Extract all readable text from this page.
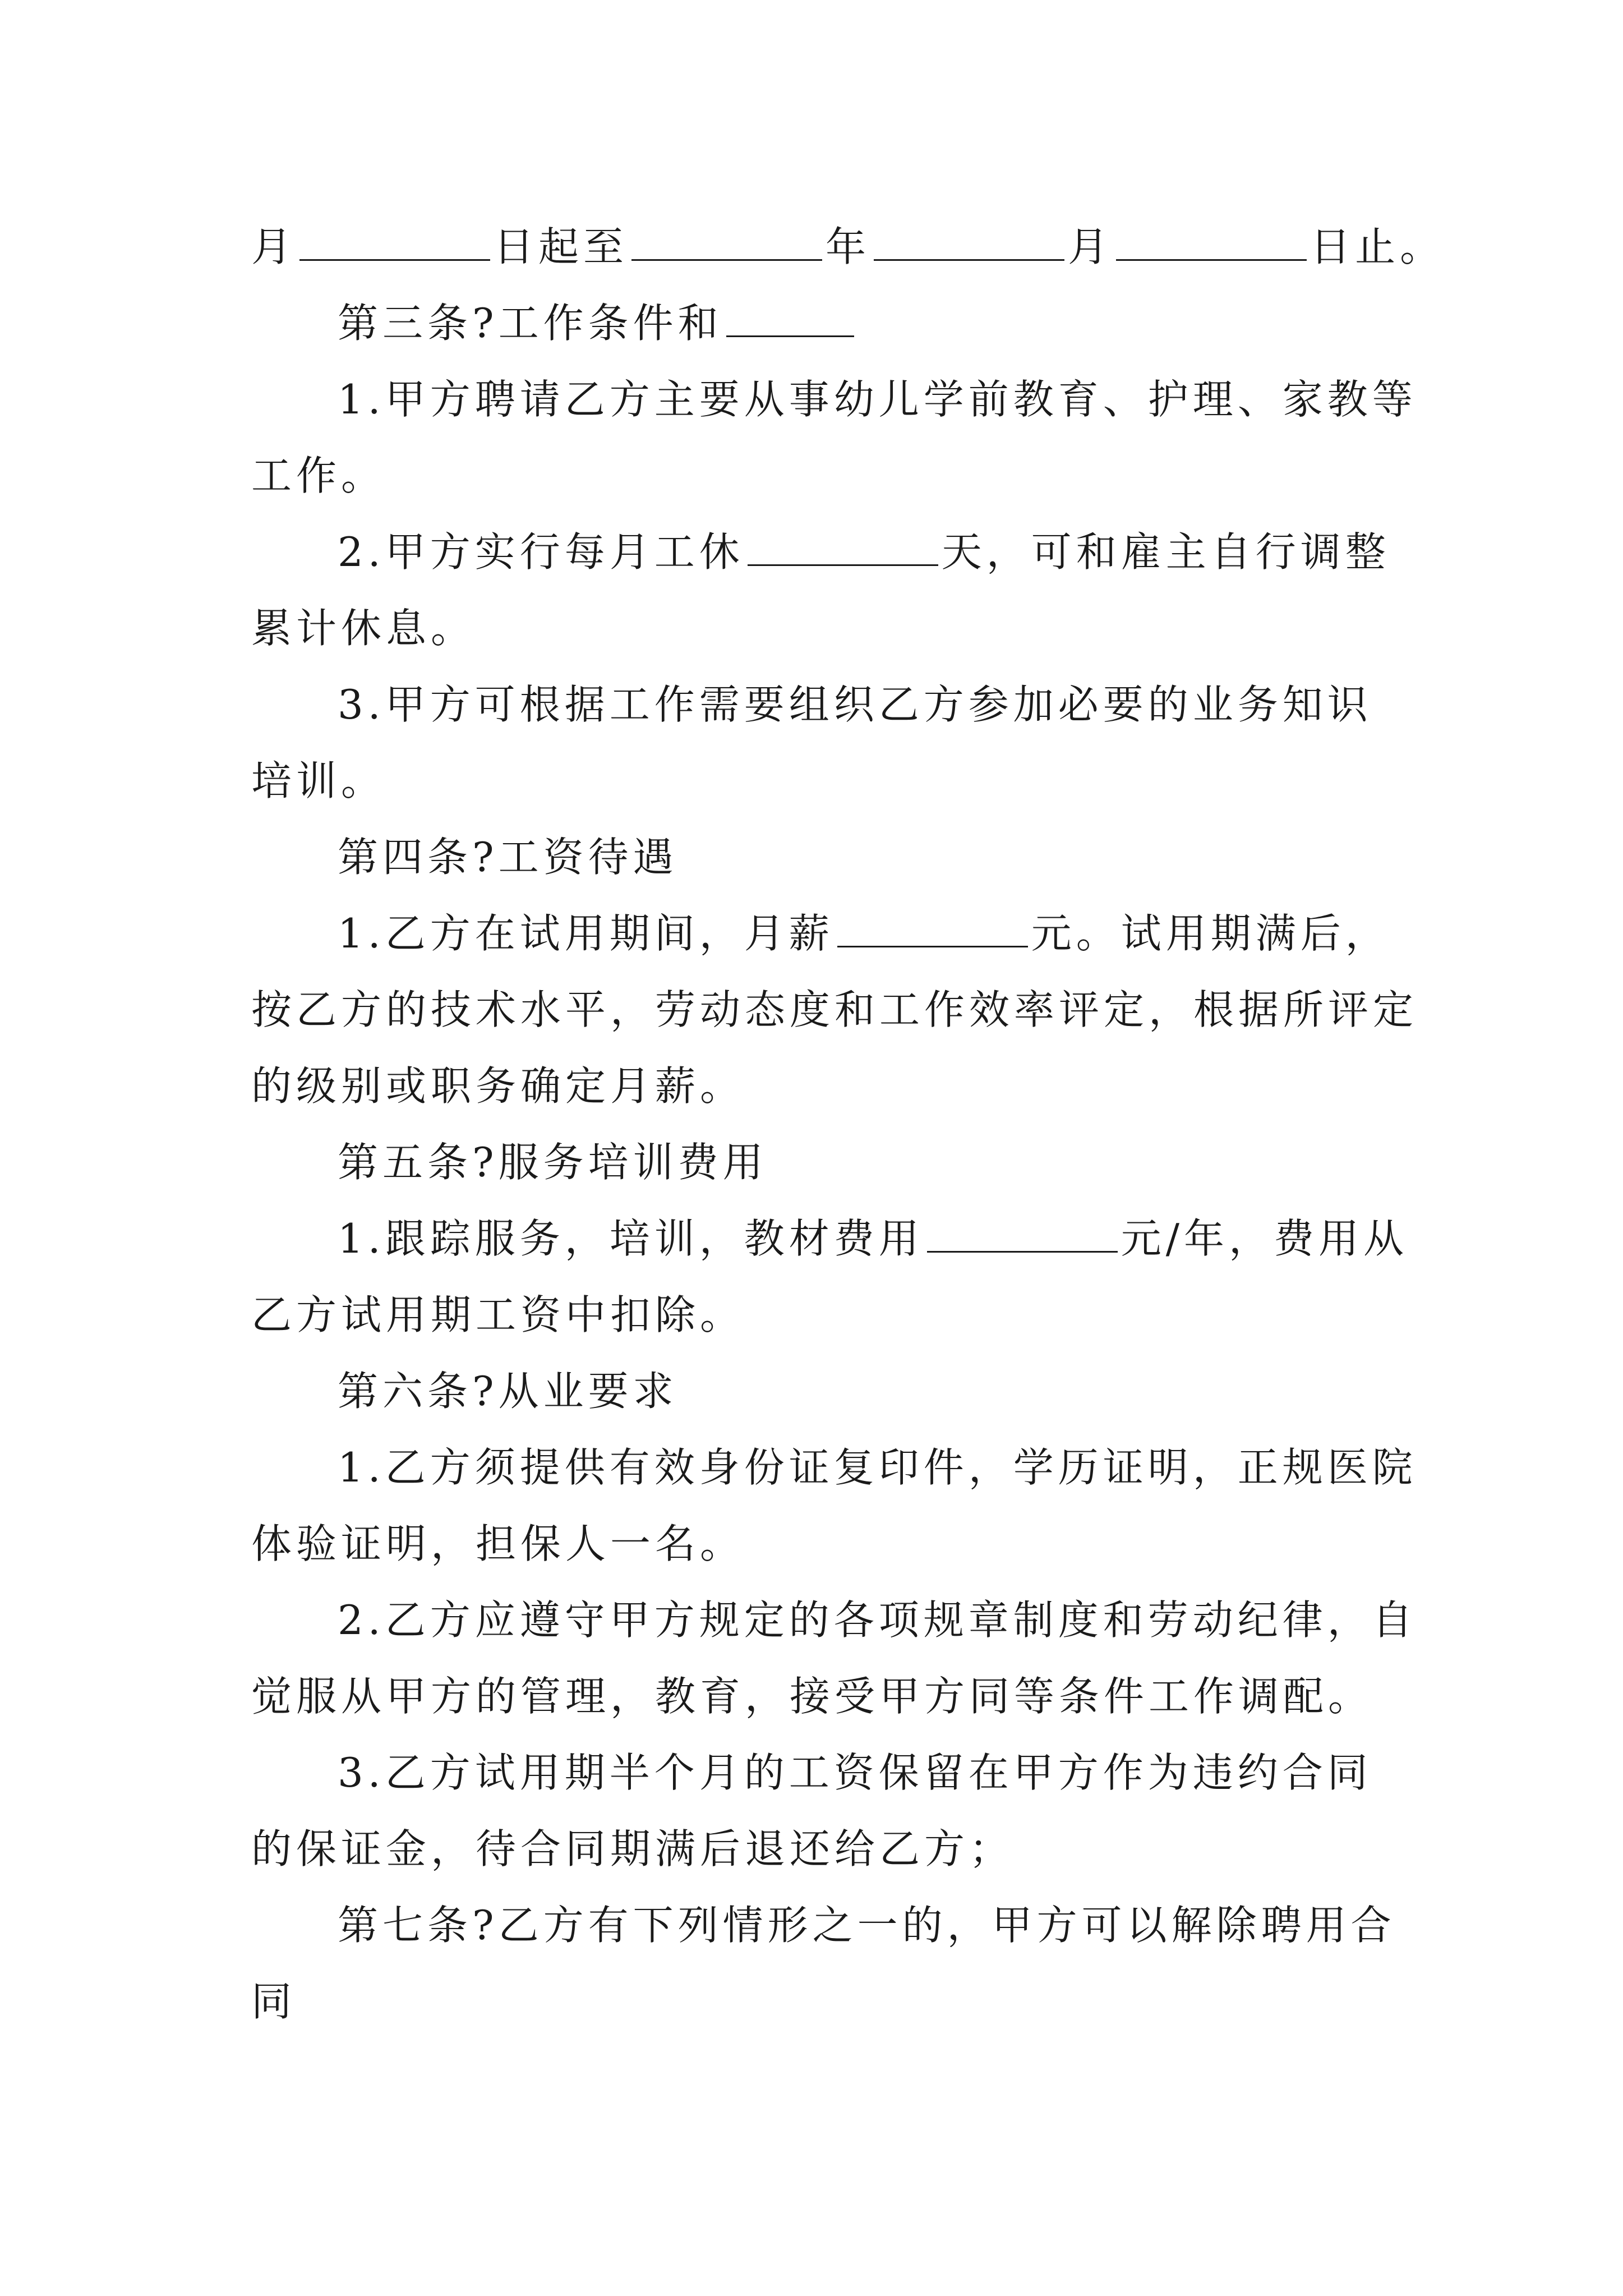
月	日起至	年	月	日止。
第三条?工作条件和
1.甲方聘请乙方主要从事幼儿学前教育、护理、家教等
工作。
2.甲方实行每月工休	天，可和雇主自行调整
累计休息。
3.甲方可根据工作需要组织乙方参加必要的业务知识
培训。
第四条?工资待遇
1.乙方在试用期间，月薪	元。试用期满后，
按乙方的技术水平，劳动态度和工作效率评定，根据所评定
的级别或职务确定月薪。
第五条?服务培训费用
1.跟踪服务，培训，教材费用	元/年，费用从
乙方试用期工资中扣除。
第六条?从业要求
1.乙方须提供有效身份证复印件，学历证明，正规医院
体验证明，担保人一名。
2.乙方应遵守甲方规定的各项规章制度和劳动纪律，自
觉服从甲方的管理，教育，接受甲方同等条件工作调配。
3.乙方试用期半个月的工资保留在甲方作为违约合同
的保证金，待合同期满后退还给乙方；
第七条?乙方有下列情形之一的，甲方可以解除聘用合
同
